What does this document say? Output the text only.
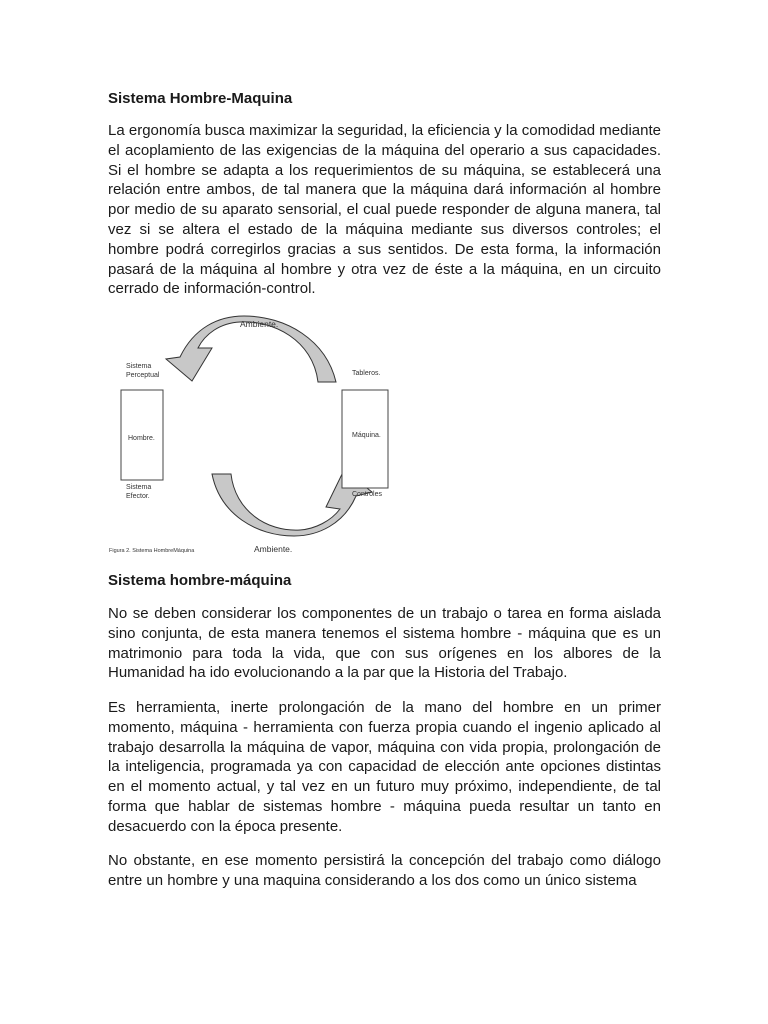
Sistema Hombre-Maquina
La ergonomía busca maximizar la seguridad, la eficiencia y la comodidad mediante el acoplamiento de las exigencias de la máquina del operario a sus capacidades. Si el hombre se adapta a los requerimientos de su máquina, se establecerá una relación entre ambos, de tal manera que la máquina dará información al hombre por medio de su aparato sensorial, el cual puede responder de alguna manera, tal vez si se altera el estado de la máquina mediante sus diversos controles; el hombre podrá corregirlos gracias a sus sentidos. De esta forma, la información pasará de la máquina al hombre y otra vez de éste a la máquina, en un circuito cerrado de información-control.
Ambiente.
Sistema
Perceptual	Tableros.
Hombre.	Máquina.
Sistema
Efector.	Controles
Figura 2. Sistema HombreMáquina	Ambiente.
Sistema hombre-máquina
No se deben considerar los componentes de un trabajo o tarea en forma aislada sino conjunta, de esta manera tenemos el sistema hombre - máquina que es un matrimonio para toda la vida, que con sus orígenes en los albores de la Humanidad ha ido evolucionando a la par que la Historia del Trabajo.
Es herramienta, inerte prolongación de la mano del hombre en un primer momento, máquina - herramienta con fuerza propia cuando el ingenio aplicado al trabajo desarrolla la máquina de vapor, máquina con vida propia, prolongación de la inteligencia, programada ya con capacidad de elección ante opciones distintas en el momento actual, y tal vez en un futuro muy próximo, independiente, de tal forma que hablar de sistemas hombre - máquina pueda resultar un tanto en desacuerdo con la época presente.
No obstante, en ese momento persistirá la concepción del trabajo como diálogo entre un hombre y una maquina considerando a los dos como un único sistema
